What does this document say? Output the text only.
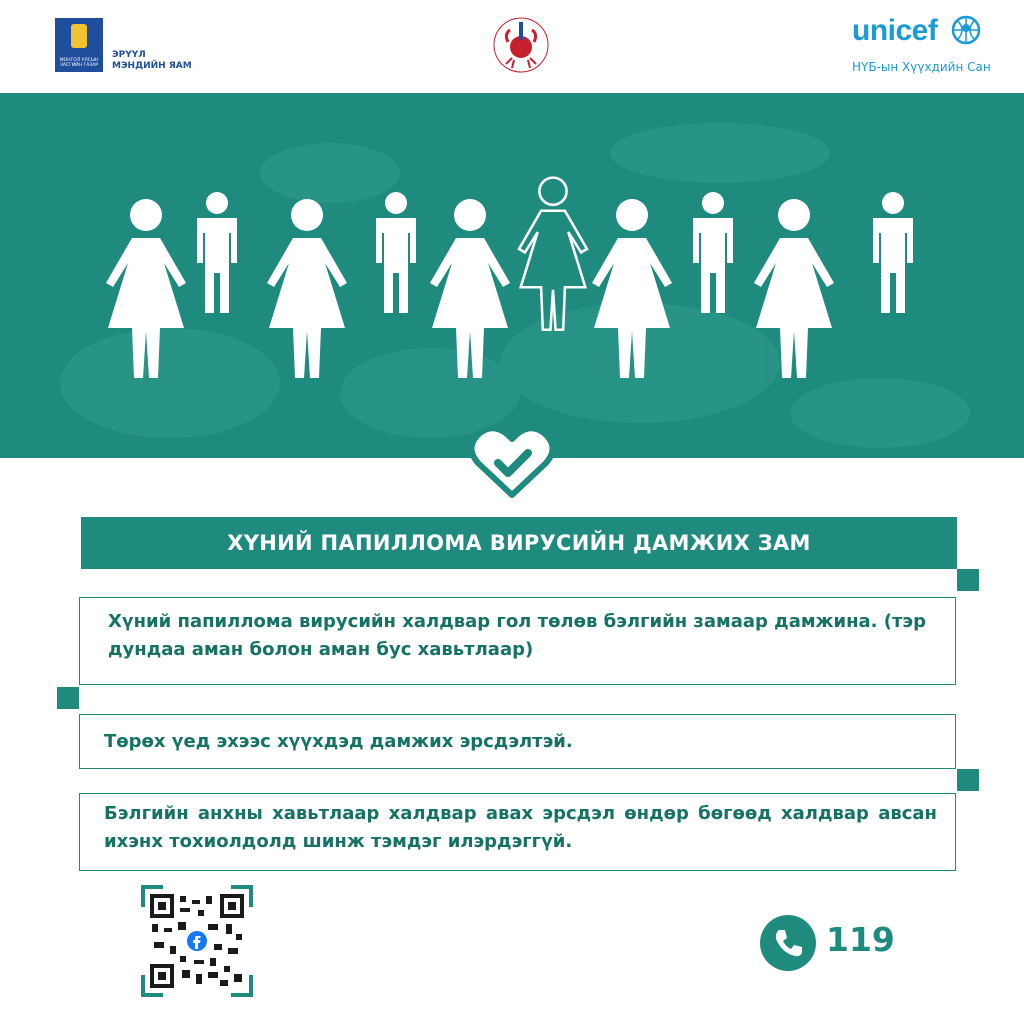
МОНГОЛ УЛСЫН ЗАСГИЙН ГАЗАР
ЭРҮҮЛ
МЭНДИЙН ЯАМ
unicef
НҮБ-ын Хүүхдийн Сан
ХҮНИЙ ПАПИЛЛОМА ВИРУСИЙН ДАМЖИХ ЗАМ
Хүний папиллома вирусийн халдвар гол төлөв бэлгийн замаар дамжина. (тэр дундаа аман болон аман бус хавьтлаар)
Төрөх үед эхээс хүүхдэд дамжих эрсдэлтэй.
Бэлгийн анхны хавьтлаар халдвар авах эрсдэл өндөр бөгөөд халдвар авсан ихэнх тохиолдолд шинж тэмдэг илэрдэггүй.
119
